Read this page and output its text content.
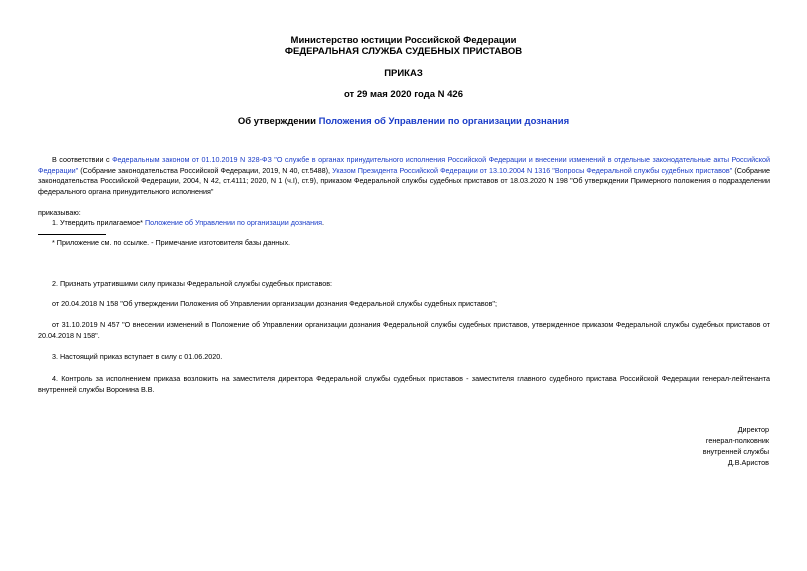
Министерство юстиции Российской Федерации
ФЕДЕРАЛЬНАЯ СЛУЖБА СУДЕБНЫХ ПРИСТАВОВ
ПРИКАЗ
от 29 мая 2020 года N 426
Об утверждении Положения об Управлении по организации дознания
В соответствии с Федеральным законом от 01.10.2019 N 328-ФЗ "О службе в органах принудительного исполнения Российской Федерации и внесении изменений в отдельные законодательные акты Российской Федерации" (Собрание законодательства Российской Федерации, 2019, N 40, ст.5488), Указом Президента Российской Федерации от 13.10.2004 N 1316 "Вопросы Федеральной службы судебных приставов" (Собрание законодательства Российской Федерации, 2004, N 42, ст.4111; 2020, N 1 (ч.I), ст.9), приказом Федеральной службы судебных приставов от 18.03.2020 N 198 "Об утверждении Примерного положения о подразделении федерального органа принудительного исполнения"
приказываю:
1. Утвердить прилагаемое* Положение об Управлении по организации дознания.
* Приложение см. по ссылке. - Примечание изготовителя базы данных.
2. Признать утратившими силу приказы Федеральной службы судебных приставов:
от 20.04.2018 N 158 "Об утверждении Положения об Управлении организации дознания Федеральной службы судебных приставов";
от 31.10.2019 N 457 "О внесении изменений в Положение об Управлении организации дознания Федеральной службы судебных приставов, утвержденное приказом Федеральной службы судебных приставов от 20.04.2018 N 158".
3. Настоящий приказ вступает в силу с 01.06.2020.
4. Контроль за исполнением приказа возложить на заместителя директора Федеральной службы судебных приставов - заместителя главного судебного пристава Российской Федерации генерал-лейтенанта внутренней службы Воронина В.В.
Директор
генерал-полковник
внутренней службы
Д.В.Аристов
